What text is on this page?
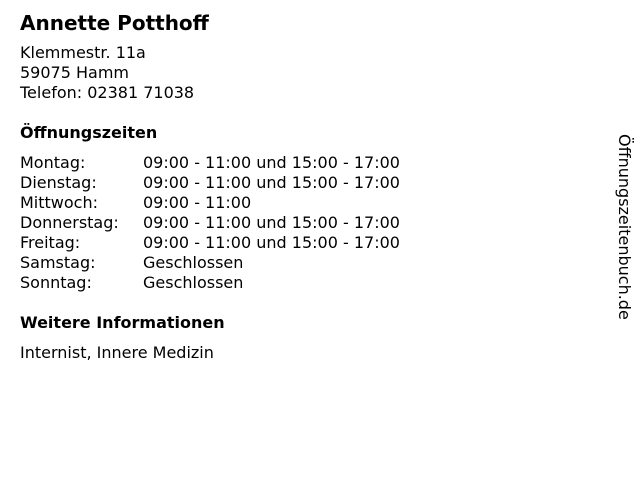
Annette Potthoff
Klemmestr. 11a
59075 Hamm
Telefon: 02381 71038
Öffnungszeiten
Montag:	09:00 - 11:00 und 15:00 - 17:00
Dienstag:	09:00 - 11:00 und 15:00 - 17:00
Mittwoch:	09:00 - 11:00
Donnerstag:	09:00 - 11:00 und 15:00 - 17:00
Freitag:	09:00 - 11:00 und 15:00 - 17:00
Samstag:	Geschlossen
Sonntag:	Geschlossen
Weitere Informationen
Internist, Innere Medizin
Öffnungszeitenbuch.de
